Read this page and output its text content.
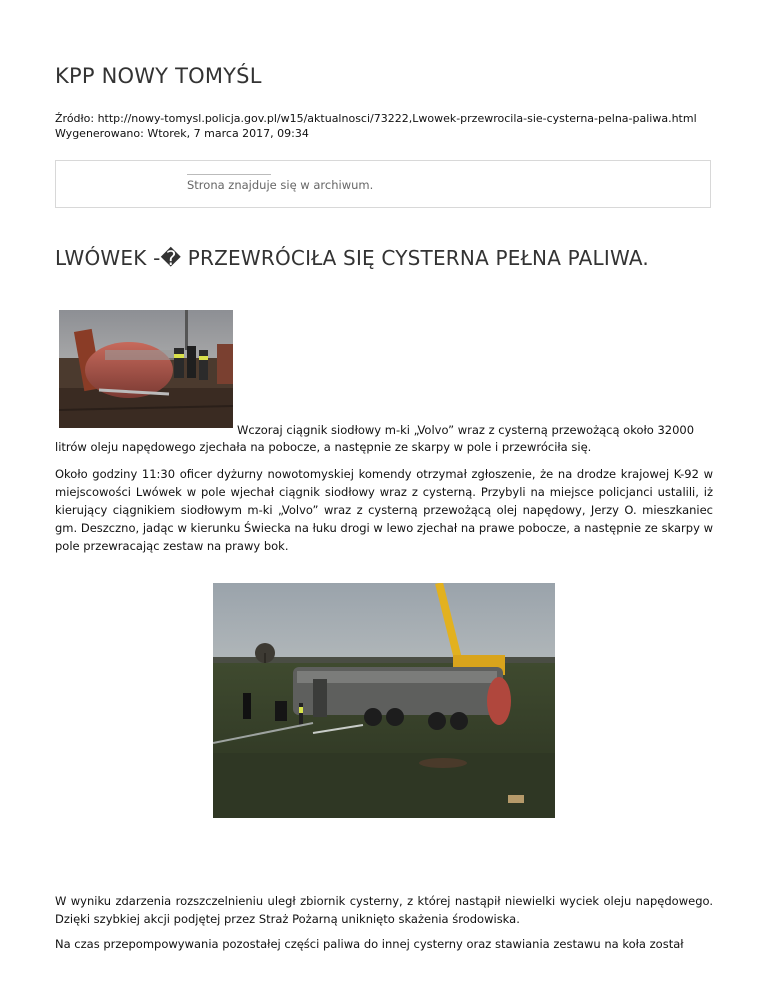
KPP NOWY TOMYŚL
Źródło: http://nowy-tomysl.policja.gov.pl/w15/aktualnosci/73222,Lwowek-przewrocila-sie-cysterna-pelna-paliwa.html
Wygenerowano: Wtorek, 7 marca 2017, 09:34
Strona znajduje się w archiwum.
LWÓWEK -� PRZEWRÓCIŁA SIĘ CYSTERNA PEŁNA PALIWA.
Wczoraj ciągnik siodłowy m-ki „Volvo” wraz z cysterną przewożącą około 32000
litrów oleju napędowego zjechała na pobocze, a następnie ze skarpy w pole i przewróciła się.
Około godziny 11:30 oficer dyżurny nowotomyskiej komendy otrzymał zgłoszenie, że na drodze krajowej K-92 w miejscowości Lwówek w pole wjechał ciągnik siodłowy wraz z cysterną. Przybyli na miejsce policjanci ustalili, iż kierujący ciągnikiem siodłowym m-ki „Volvo” wraz z cysterną przewożącą olej napędowy, Jerzy O. mieszkaniec gm. Deszczno, jadąc w kierunku Świecka na łuku drogi w lewo zjechał na prawe pobocze, a następnie ze skarpy w pole przewracając zestaw na prawy bok.
W wyniku zdarzenia rozszczelnieniu uległ zbiornik cysterny, z której nastąpił niewielki wyciek oleju napędowego. Dzięki szybkiej akcji podjętej przez Straż Pożarną uniknięto skażenia środowiska.
Na czas przepompowywania pozostałej części paliwa do innej cysterny oraz stawiania zestawu na koła został
